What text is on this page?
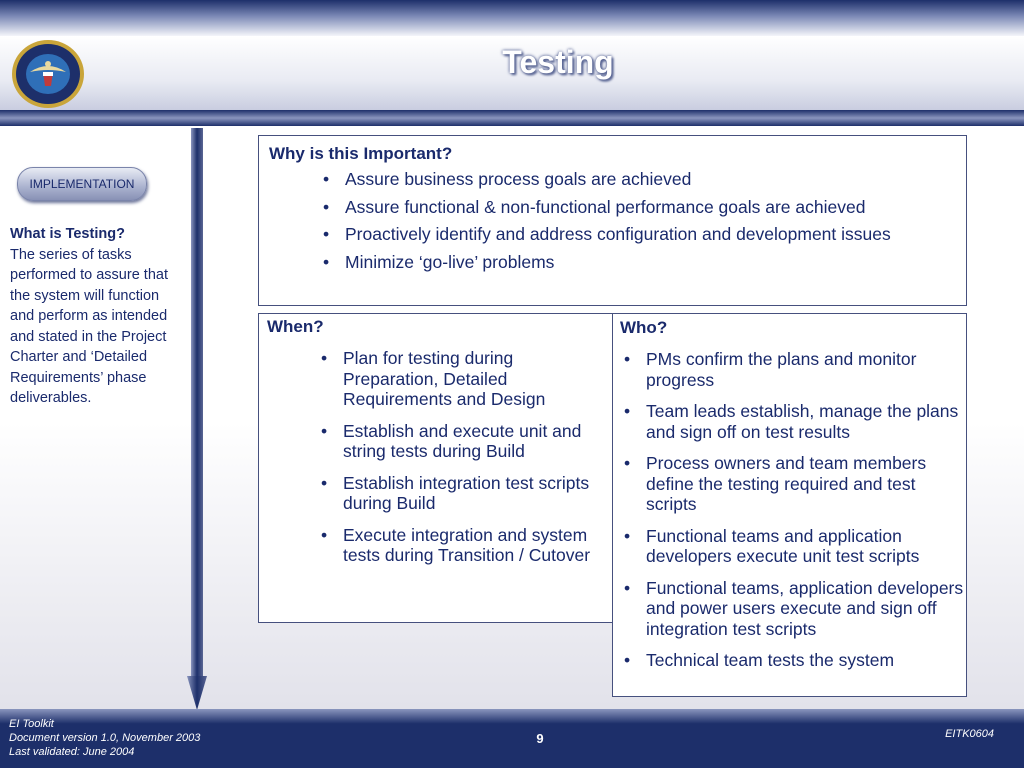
Testing
IMPLEMENTATION
What is Testing?
The series of tasks performed to assure that the system will function and perform as intended and stated in the Project Charter and ‘Detailed Requirements’ phase deliverables.
Why is this Important?
• Assure business process goals are achieved
• Assure functional & non-functional performance goals are achieved
• Proactively identify and address configuration and development issues
• Minimize ‘go-live’ problems
When?
• Plan for testing during Preparation, Detailed Requirements and Design
• Establish and execute unit and string tests during Build
• Establish integration test scripts during Build
• Execute integration and system tests during Transition / Cutover
Who?
• PMs confirm the plans and monitor progress
• Team leads establish, manage the plans and sign off on test results
• Process owners and team members define the testing required and test scripts
• Functional teams and application developers execute unit test scripts
• Functional teams, application developers and power users execute and sign off integration test scripts
• Technical team tests the system
EI Toolkit
Document version 1.0, November 2003
Last validated: June 2004
9	EITK0604
